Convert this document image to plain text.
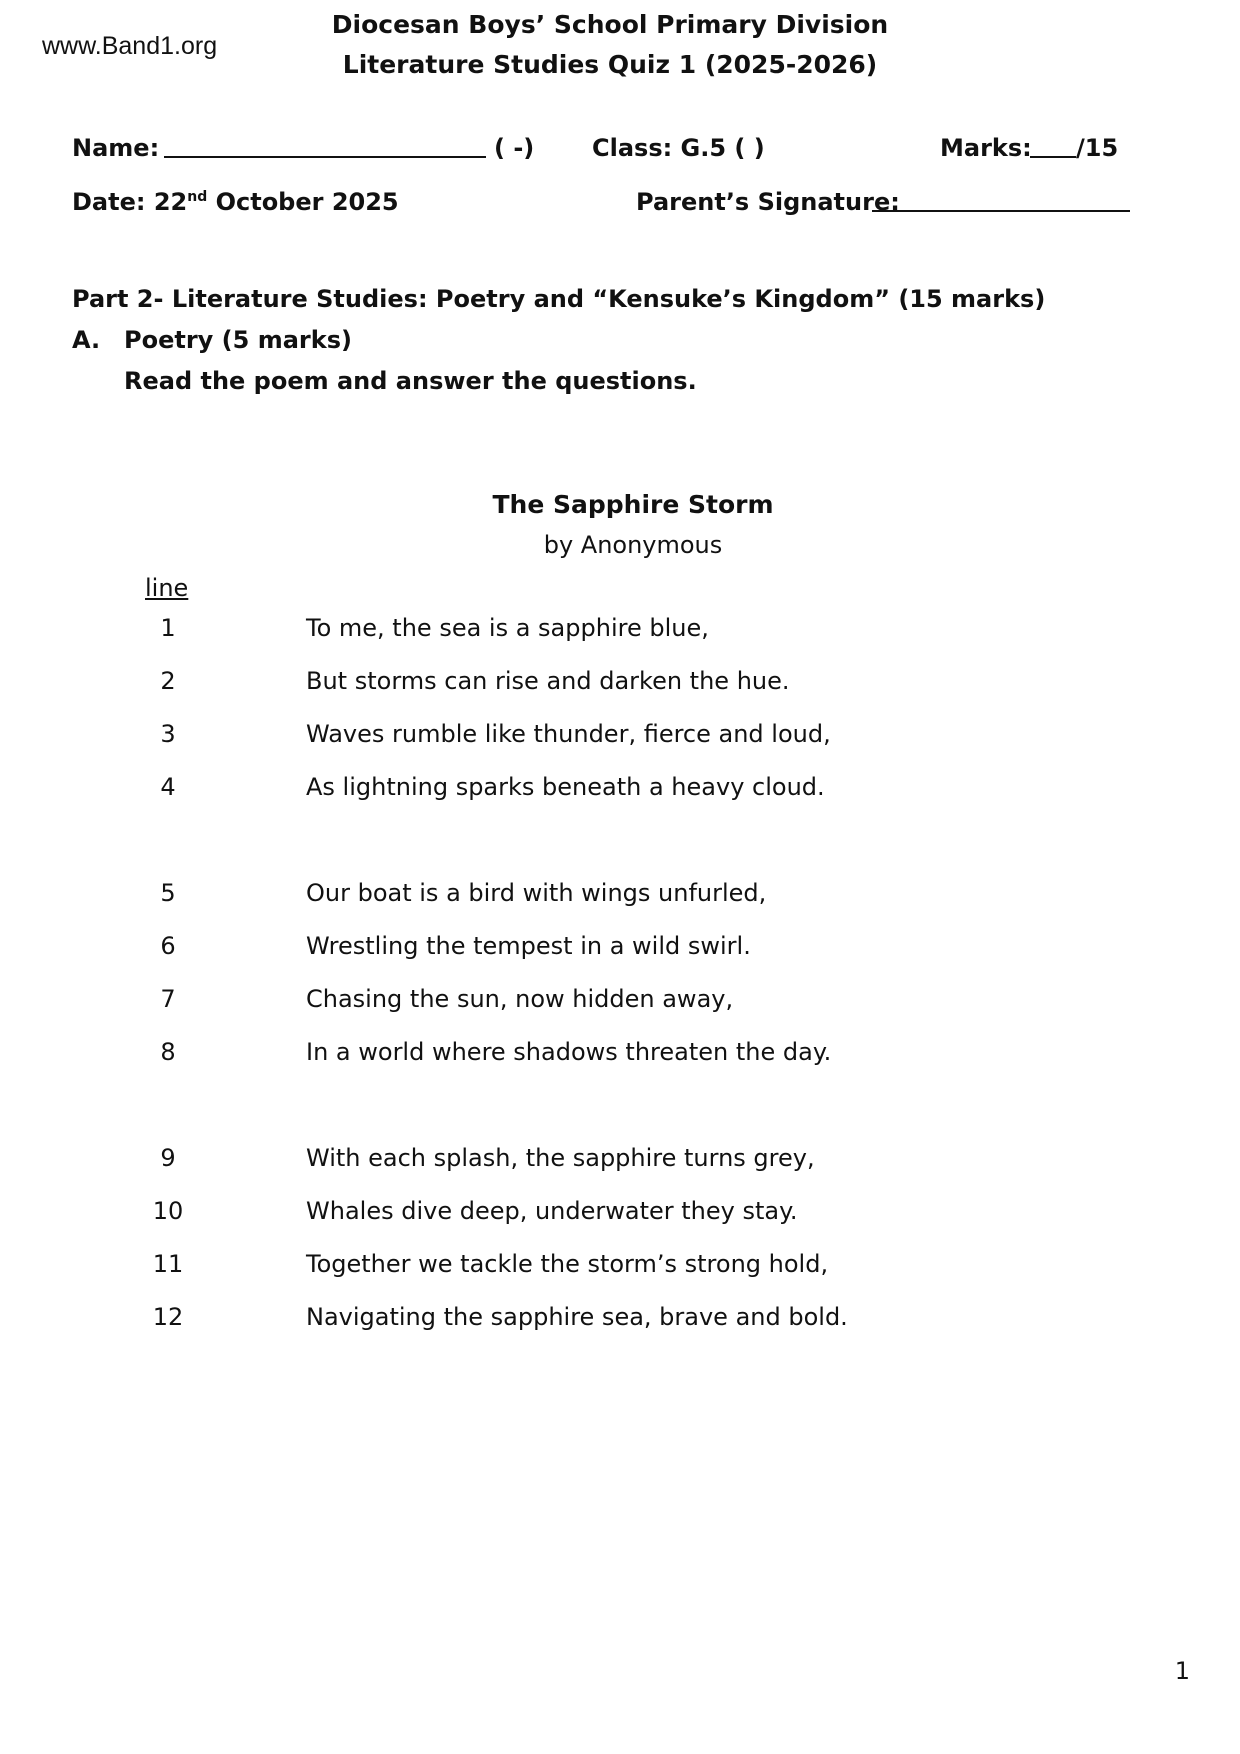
www.Band1.org
Diocesan Boys’ School Primary Division
Literature Studies Quiz 1 (2025-2026)
Name:	( -) Class: G.5 ( )	Marks: /15
Date: 22nd October 2025	Parent’s Signature:
Part 2- Literature Studies: Poetry and “Kensuke’s Kingdom” (15 marks)
A. Poetry (5 marks)
Read the poem and answer the questions.
The Sapphire Storm
by Anonymous
line
1	To me, the sea is a sapphire blue,
2	But storms can rise and darken the hue.
3	Waves rumble like thunder, fierce and loud,
4	As lightning sparks beneath a heavy cloud.
5	Our boat is a bird with wings unfurled,
6	Wrestling the tempest in a wild swirl.
7	Chasing the sun, now hidden away,
8	In a world where shadows threaten the day.
9	With each splash, the sapphire turns grey,
10	Whales dive deep, underwater they stay.
11	Together we tackle the storm’s strong hold,
12	Navigating the sapphire sea, brave and bold.
1
